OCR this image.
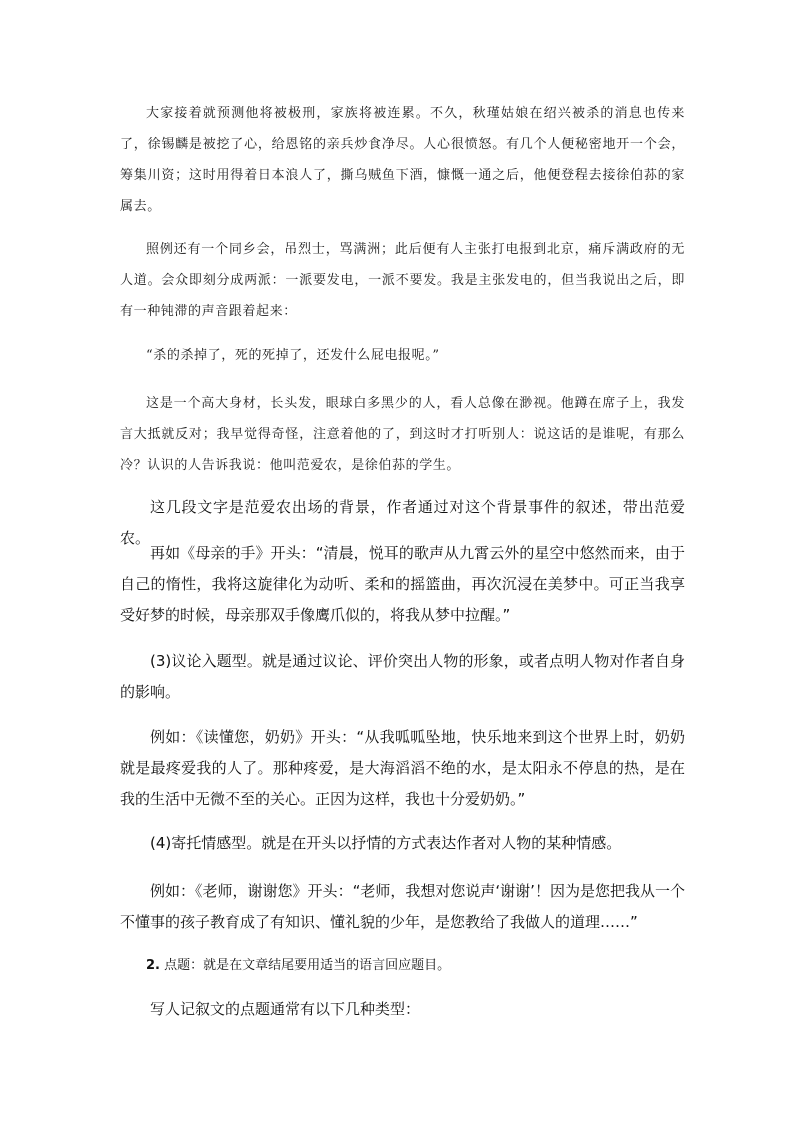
大家接着就预测他将被极刑，家族将被连累。不久，秋瑾姑娘在绍兴被杀的消息也传来了，徐锡麟是被挖了心，给恩铭的亲兵炒食净尽。人心很愤怒。有几个人便秘密地开一个会，筹集川资；这时用得着日本浪人了，撕乌贼鱼下酒，慷慨一通之后，他便登程去接徐伯荪的家属去。

照例还有一个同乡会，吊烈士，骂满洲；此后便有人主张打电报到北京，痛斥满政府的无人道。会众即刻分成两派：一派要发电，一派不要发。我是主张发电的，但当我说出之后，即有一种钝滞的声音跟着起来：

“杀的杀掉了，死的死掉了，还发什么屁电报呢。”

这是一个高大身材，长头发，眼球白多黑少的人，看人总像在渺视。他蹲在席子上，我发言大抵就反对；我早觉得奇怪，注意着他的了，到这时才打听别人：说这话的是谁呢，有那么冷？认识的人告诉我说：他叫范爱农，是徐伯荪的学生。

这几段文字是范爱农出场的背景，作者通过对这个背景事件的叙述，带出范爱农。

再如《母亲的手》开头：“清晨，悦耳的歌声从九霄云外的星空中悠然而来，由于自己的惰性，我将这旋律化为动听、柔和的摇篮曲，再次沉浸在美梦中。可正当我享受好梦的时候，母亲那双手像鹰爪似的，将我从梦中拉醒。”

(3)议论入题型。就是通过议论、评价突出人物的形象，或者点明人物对作者自身的影响。

例如：《读懂您，奶奶》开头：“从我呱呱坠地，快乐地来到这个世界上时，奶奶就是最疼爱我的人了。那种疼爱，是大海滔滔不绝的水，是太阳永不停息的热，是在我的生活中无微不至的关心。正因为这样，我也十分爱奶奶。”

(4)寄托情感型。就是在开头以抒情的方式表达作者对人物的某种情感。

例如：《老师，谢谢您》开头：“老师，我想对您说声‘谢谢’！因为是您把我从一个不懂事的孩子教育成了有知识、懂礼貌的少年，是您教给了我做人的道理……”

2. 点题：就是在文章结尾要用适当的语言回应题目。

写人记叙文的点题通常有以下几种类型：
